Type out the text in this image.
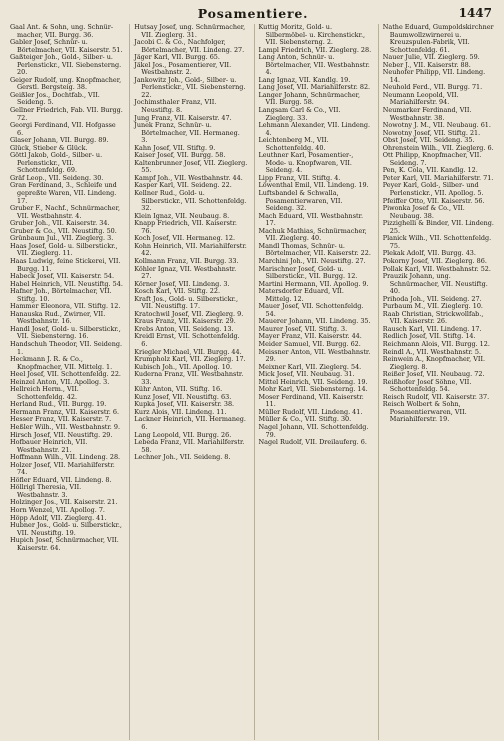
Posamentiere.	1447

Gaal Ant. & Sohn, ung. Schnür-macher, VII. Burgg. 36.

Gabler Josef, Schnür- u. Börtelmacher, VII. Kaiserstr. 51.

Gaßteiger Joh., Gold-, Silber- u. Perlenstickr., VII. Siebensterng. 20.

Geiger Rudolf, ung. Knopfmacher, Gerstl. Bergsteig. 38.

Geißler Jos., Dochtfab., VII. Seideng. 5.

Gellner Friedrich, Fab. VII. Burgg. 72.

Georgi Ferdinand, VII. Hofgasse 6.

Glaser Johann, VII. Burgg. 89.

Glück, Stieber & Glück.

Göttl Jakob, Gold-, Silber- u. Perlenstickr., VII. Schottenfeldg. 69.

Gräf Leop., VII. Seideng. 30.

Gran Ferdinand, 3., Schleife und gepreßte Waren, VII. Lindeng. 17.

Gruber F., Nachf., Schnürmacher, VII. Westbahnstr. 4.

Gruber Joh., VII. Kaiserstr. 34.

Gruber & Co., VII. Neustiftg. 50.

Grünbaum Jul., VII. Zieglerg. 3.

Haas Josef, Gold- u. Silberstickr., VII. Zieglerg. 11.

Haas Ludwig, feine Stickerei, VII. Burgg. 11.

Habeck Josef, VII. Kaiserstr. 54.

Habel Heinrich, VII. Neustiftg. 54.

Hafner Joh., Börtelmacher, VII. Stiftg. 10.

Hammer Eleonora, VII. Stiftg. 12.

Hanauska Rud., Zwirner, VII. Westbahnstr. 16.

Handl Josef, Gold- u. Silberstickr., VII. Siebensterng. 16.

Handschuh Theodor, VII. Seideng. 1.

Heckmann J. R. & Co., Knopfmacher, VII. Mittelg. 1.

Heel Josef, VII. Schottenfeldg. 22.

Heinzel Anton, VII. Apollog. 3.

Hellreich Herm., VII. Schottenfeldg. 42.

Herland Rud., VII. Burgg. 19.

Hermann Franz, VII. Kaiserstr. 6.

Hesser Franz, VII. Kaiserstr. 7.

Heßler Wilh., VII. Westbahnstr. 9.

Hirsch Josef, VII. Neustiftg. 29.

Hofbauer Heinrich, VII. Westbahnstr. 21.

Hoffmann Wilh., VII. Lindeng. 28.

Holzer Josef, VII. Mariahilferstr. 74.

Höfler Eduard, VII. Lindeng. 8.

Höllrigl Theresia, VII. Westbahnstr. 3.

Holzinger Jos., VII. Kaiserstr. 21.

Horn Wenzel, VII. Apollog. 7.

Höpp Adolf, VII. Zieglerg. 41.

Hubner Jos., Gold- u. Silberstickr., VII. Neustiftg. 19.

Hupich Josef, Schnürmacher, VII. Kaiserstr. 64.

Hutsay Josef, ung. Schnürmacher, VII. Zieglerg. 31.

Jacobi C. & Co., Nachfolger, Börtelmacher, VII. Lindeng. 27.

Jäger Karl, VII. Burgg. 65.

Jäkel Jos., Posamentierer, VII. Westbahnstr. 2.

Jankowitz Joh., Gold-, Silber- u. Perlenstickr., VII. Siebensterng. 22.

Jochimsthaler Franz, VII. Neustiftg. 8.

Jung Franz, VII. Kaiserstr. 47.

Junek Franz, Schnür- u. Börtelmacher, VII. Hermaneg. 3.

Kahn Josef, VII. Stiftg. 9.

Kaiser Josef, VII. Burgg. 58.

Kaltenbrunner Josef, VII. Zieglerg. 55.

Kampf Joh., VII. Westbahnstr. 44.

Kasper Karl, VII. Seideng. 22.

Kellner Rud., Gold- u. Silberstickr., VII. Schottenfeldg. 32.

Klein Ignaz, VII. Neubaug. 8.

Knapp Friedrich, VII. Kaiserstr. 76.

Koch Josef, VII. Hermaneg. 12.

Kohn Heinrich, VII. Mariahilferstr. 42.

Kollmann Franz, VII. Burgg. 33.

Köhler Ignaz, VII. Westbahnstr. 27.

Körner Josef, VII. Lindeng. 3.

Kosch Karl, VII. Stiftg. 22.

Kraft Jos., Gold- u. Silberstickr., VII. Neustiftg. 17.

Kratochwil Josef, VII. Zieglerg. 9.

Kraus Franz, VII. Kaiserstr. 29.

Krebs Anton, VII. Seideng. 13.

Kreidl Ernst, VII. Schottenfeldg. 6.

Kriegler Michael, VII. Burgg. 44.

Krumpholz Karl, VII. Zieglerg. 17.

Kubisch Joh., VII. Apollog. 10.

Kuderna Franz, VII. Westbahnstr. 33.

Kühr Anton, VII. Stiftg. 16.

Kunz Josef, VII. Neustiftg. 63.

Kupka Josef, VII. Kaiserstr. 38.

Kurz Alois, VII. Lindeng. 11.

Lackner Heinrich, VII. Hermaneg. 6.

Lang Leopold, VII. Burgg. 26.

Lebeda Franz, VII. Mariahilferstr. 58.

Lechner Joh., VII. Seideng. 8.

Kuttig Moritz, Gold- u. Silbermöbel- u. Kirchenstickr., VII. Siebensterng. 2.

Lampl Friedrich, VII. Zieglerg. 28.

Lang Anton, Schnür- u. Börtelmacher, VII. Westbahnstr. 4.

Lang Ignaz, VII. Kandlg. 19.

Lang Josef, VII. Mariahilferstr. 82.

Langer Johann, Schnürmacher, VII. Burgg. 58.

Langsam Carl & Co., VII. Zieglerg. 33.

Lehmann Alexander, VII. Lindeng. 4.

Leichtenberg M., VII. Schottenfeldg. 40.

Leuthner Karl, Posamentier-, Mode- u. Knopfwaren, VII. Seideng. 4.

Lipp Franz, VII. Stiftg. 4.

Löwenthal Emil, VII. Lindeng. 19.

Luftsbandel & Schwalla, Posamentierwaren, VII. Seideng. 32.

Mach Eduard, VII. Westbahnstr. 17.

Machuk Mathias, Schnürmacher, VII. Zieglerg. 40.

Mandl Thomas, Schnür- u. Börtelmacher, VII. Kaiserstr. 22.

Marchini Joh., VII. Neustiftg. 27.

Marischner Josef, Gold- u. Silberstickr., VII. Burgg. 12.

Martini Hermann, VII. Apollog. 9.

Matersdorfer Eduard, VII. Mittelg. 12.

Mauer Josef, VII. Schottenfeldg. 54.

Mauerer Johann, VII. Lindeng. 35.

Maurer Josef, VII. Stiftg. 3.

Mayer Franz, VII. Kaiserstr. 44.

Meider Samuel, VII. Burgg. 62.

Meissner Anton, VII. Westbahnstr. 29.

Meixner Karl, VII. Zieglerg. 54.

Mick Josef, VII. Neubaug. 31.

Mittel Heinrich, VII. Seideng. 19.

Mohr Karl, VII. Siebensterng. 14.

Moser Ferdinand, VII. Kaiserstr. 11.

Müller Rudolf, VII. Lindeng. 41.

Müller & Co., VII. Stiftg. 30.

Nagel Johann, VII. Schottenfeldg. 79.

Nagel Rudolf, VII. Dreilauferg. 6.

Nathe Eduard, Gumpoldskirchner Baumwollzwirnerei u. Kreuzspulen-Fabrik, VII. Schottenfeldg. 61.

Nauer Julie, VII. Zieglerg. 59.

Neber J., VII. Kaiserstr. 88.

Neuhofer Philipp, VII. Lindeng. 14.

Neuhold Ferd., VII. Burgg. 71.

Neumann Leopold, VII. Mariahilferstr. 94.

Neumarker Ferdinand, VII. Westbahnstr. 38.

Nowotny J. M., VII. Neubaug. 61.

Nowotny Josef, VII. Stiftg. 21.

Obst Josef, VII. Seideng. 35.

Ohrenstein Wilh., VII. Zieglerg. 6.

Ott Philipp, Knopfmacher, VII. Seideng. 7.

Pen, K. Cola, VII. Kandlg. 12.

Peter Karl, VII. Mariahilferstr. 71.

Peyer Karl, Gold-, Silber- und Perlenstickr., VII. Apollog. 5.

Pfeiffer Otto, VII. Kaiserstr. 56.

Piwonka Josef & Co., VII. Neubaug. 38.

Pizzighelli & Binder, VII. Lindeng. 25.

Planick Wilh., VII. Schottenfeldg. 75.

Plekak Adolf, VII. Burgg. 43.

Pokorny Josef, VII. Zieglerg. 86.

Pollak Karl, VII. Westbahnstr. 52.

Prauzik Johann, ung. Schnürmacher, VII. Neustiftg. 40.

Prihoda Joh., VII. Seideng. 27.

Purbaum M., VII. Zieglerg. 10.

Raab Christian, Strickwollfab., VII. Kaiserstr. 26.

Rausch Karl, VII. Lindeng. 17.

Redlich Josef, VII. Stiftg. 14.

Reichmann Alois, VII. Burgg. 12.

Reindl A., VII. Westbahnstr. 5.

Reinwein A., Knopfmacher, VII. Zieglerg. 8.

Reißer Josef, VII. Neubaug. 72.

Reißhofer Josef Söhne, VII. Schottenfeldg. 54.

Reisch Rudolf, VII. Kaiserstr. 37.

Reisch Wolbert & Sohn, Posamentierwaren, VII. Mariahilferstr. 19.
